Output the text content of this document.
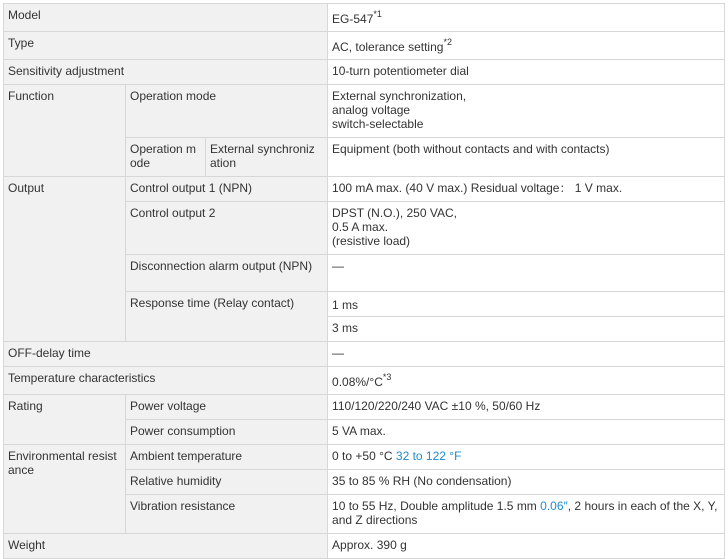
Model			EG-547$^{*1}$
Type			AC, tolerance setting$^{*2}$
Sensitivity adjustment			10-turn potentiometer dial
Function	Operation mode		External synchronization,
analog voltage
switch-selectable

	Operation m ode	External synchroniz ation	Equipment (both without contacts and with contacts)
Output	Control output 1 (NPN)		100 mA max. (40 V max.) Residual voltage： 1 V max.
	Control output 2		DPST (N.O.), 250 VAC,
0.5 A max.
(resistive load)

	Disconnection alarm output (NPN)		—
	Response time (Relay contact)		1 ms
			3 ms
OFF-delay time			—
Temperature characteristics			$0.08\%/^\circ C^{*3}$
Rating	Power voltage		110/120/220/240 VAC ±10 %, 50/60 Hz
	Power consumption		5 VA max.
Environmental resist ance	Ambient temperature		0 to +50 °C 32 to 122 °F
	Relative humidity		35 to 85 % RH (No condensation)
	Vibration resistance		10 to 55 Hz, Double amplitude 1.5 mm 0.06″, 2 hours in each of the X, Y, and Z directions
Weight			Approx. 390 g
